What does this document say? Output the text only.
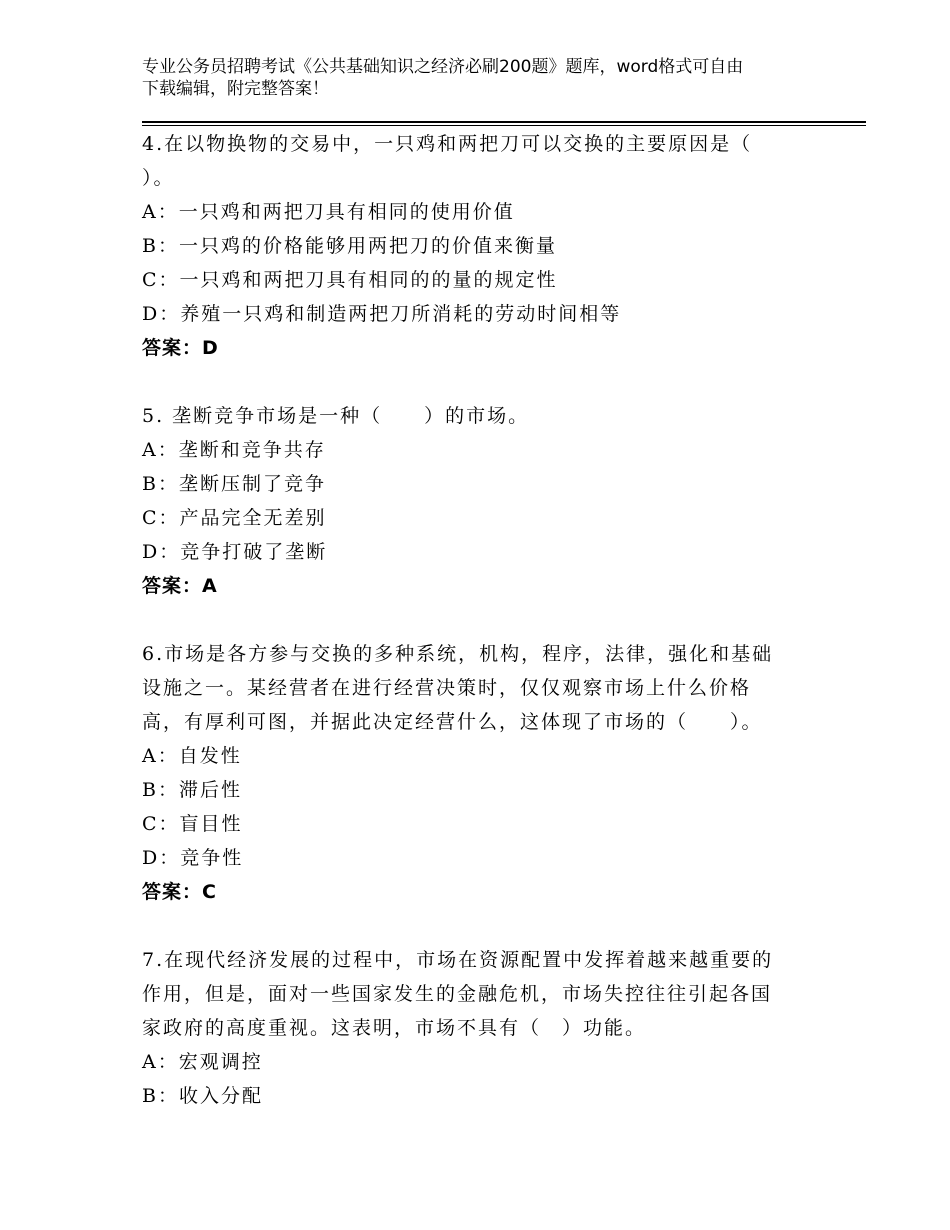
专业公务员招聘考试《公共基础知识之经济必刷200题》题库，word格式可自由
下载编辑，附完整答案！
4.在以物换物的交易中，一只鸡和两把刀可以交换的主要原因是（
）。
A：一只鸡和两把刀具有相同的使用价值
B：一只鸡的价格能够用两把刀的价值来衡量
C：一只鸡和两把刀具有相同的的量的规定性
D：养殖一只鸡和制造两把刀所消耗的劳动时间相等
答案：D
5. 垄断竞争市场是一种（　　）的市场。
A：垄断和竞争共存
B：垄断压制了竞争
C：产品完全无差别
D：竞争打破了垄断
答案：A
6.市场是各方参与交换的多种系统，机构，程序，法律，强化和基础
设施之一。某经营者在进行经营决策时，仅仅观察市场上什么价格
高，有厚利可图，并据此决定经营什么，这体现了市场的（　　）。
A：自发性
B：滞后性
C：盲目性
D：竞争性
答案：C
7.在现代经济发展的过程中，市场在资源配置中发挥着越来越重要的
作用，但是，面对一些国家发生的金融危机，市场失控往往引起各国
家政府的高度重视。这表明，市场不具有（　）功能。
A：宏观调控
B：收入分配
